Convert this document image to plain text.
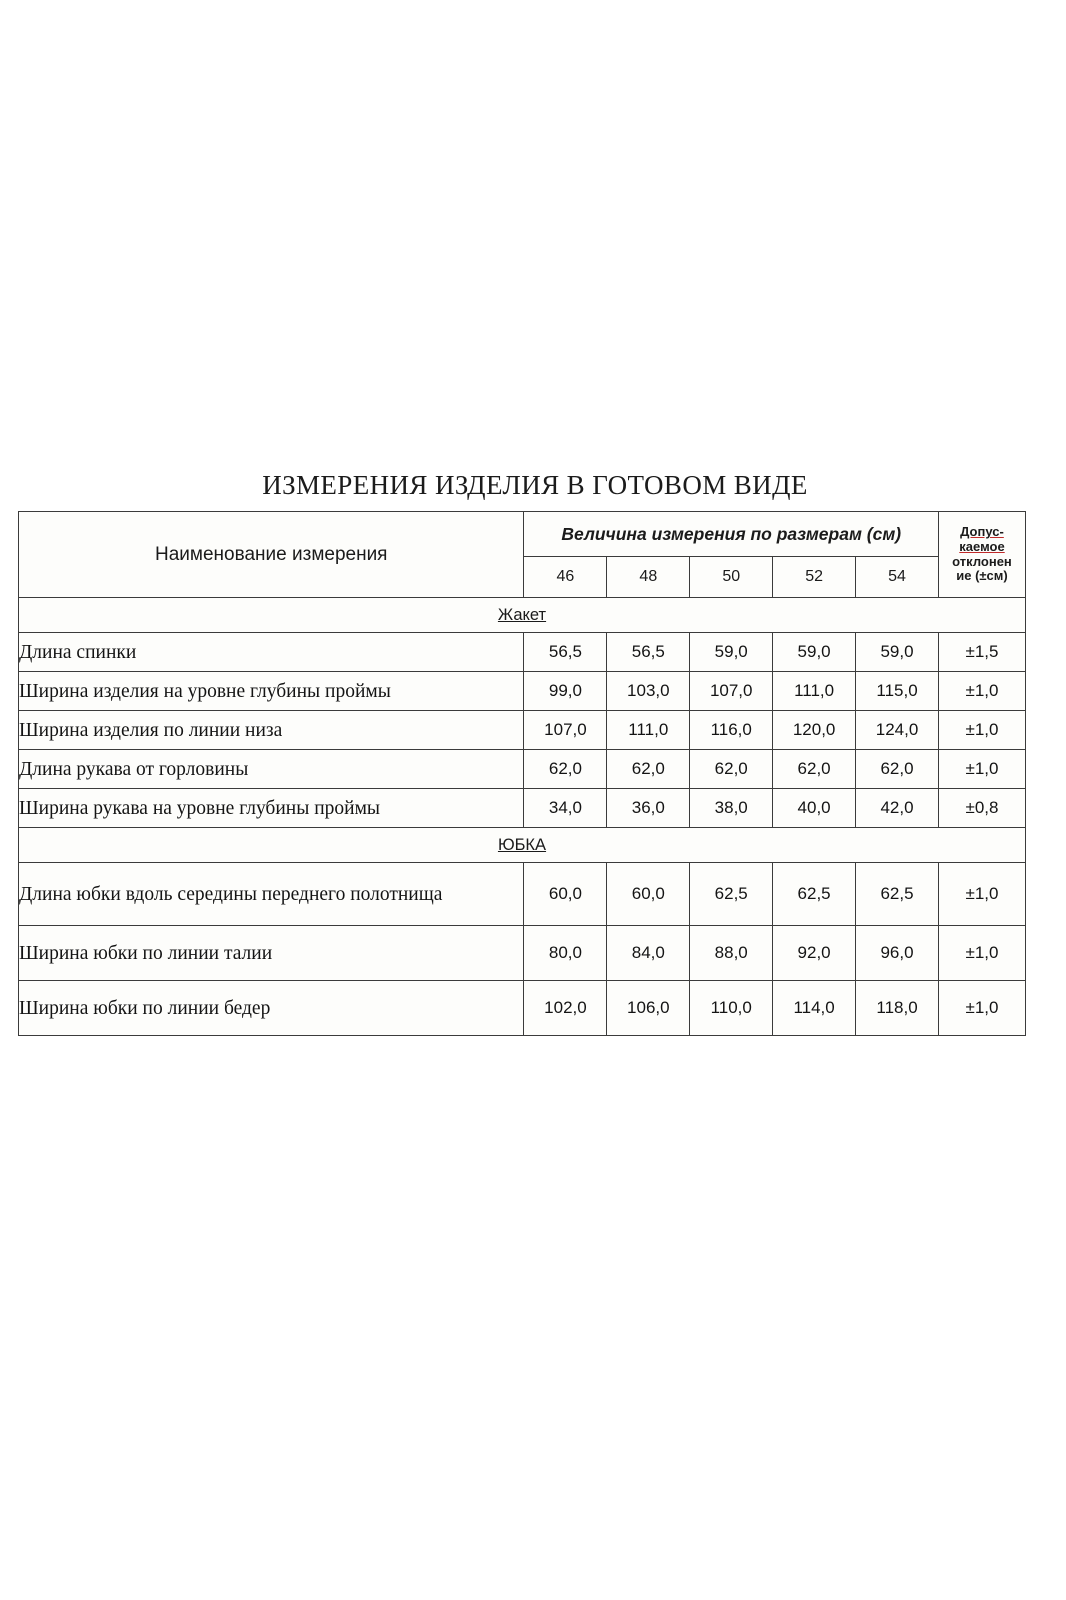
ИЗМЕРЕНИЯ ИЗДЕЛИЯ В ГОТОВОМ ВИДЕ
Наименование измерения	Величина измерения по размерам (см)					Допус-
каемое
отклонен
ие (±см)

	46	48	50	52	54	
Жакет						
Длина спинки	56,5	56,5	59,0	59,0	59,0	±1,5
Ширина изделия на уровне глубины проймы	99,0	103,0	107,0	111,0	115,0	±1,0
Ширина изделия по линии низа	107,0	111,0	116,0	120,0	124,0	±1,0
Длина рукава от горловины	62,0	62,0	62,0	62,0	62,0	±1,0
Ширина рукава на уровне глубины проймы	34,0	36,0	38,0	40,0	42,0	±0,8
ЮБКА						
Длина юбки вдоль середины переднего полотнища	60,0	60,0	62,5	62,5	62,5	±1,0
Ширина юбки по линии талии	80,0	84,0	88,0	92,0	96,0	±1,0
Ширина юбки по линии бедер	102,0	106,0	110,0	114,0	118,0	±1,0
